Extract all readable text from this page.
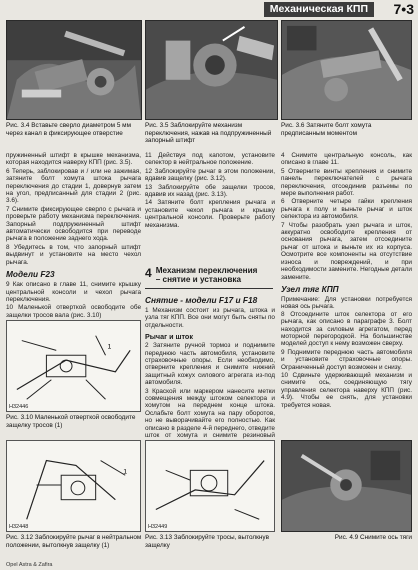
Механическая КПП	7•3
Рис. 3.4 Вставьте сверло диаметром 5 мм через канал в фиксирующее отверстие
Рис. 3.5 Заблокируйте механизм переключения, нажав на подпружиненный запорный штифт
Рис. 3.6 Затяните болт хомута предписанным моментом
пружиненный штифт в крышке механизма, которая находится наверху КПП (рис. 3.5).
6 Теперь, заблокировав и / или не зажимая, затяните болт хомута штока рычага переключения до стадии 1, довернув затем на угол, предписанный для стадии 2 (рис. 3.6).
7 Снимите фиксирующее сверло с рычага и проверьте работу механизма переключения. Запорный подпружиненный штифт автоматически освободится при переводе рычага в положение заднего хода.
8 Убедитесь в том, что запорный штифт выдвинут и установите на место чехол рычага.
Модели F23
9 Как описано в главе 11, снимите крышку центральной консоли и чехол рычага переключения.
10 Маленькой отверткой освободите обе защелки тросов вала (рис. 3.10)
1
H32446
Рис. 3.10 Маленькой отверткой освободите защелку тросов (1)
1
H32448
Рис. 3.12 Заблокируйте рычаг в нейтральном положении, вытолкнув защелку (1)
11 Действуя под капотом, установите селектор в нейтральное положение.
12 Заблокируйте рычаг в этом положении, вдавив защелку (рис. 3.12).
13 Заблокируйте обе защелки тросов, вдавив их назад (рис. 3.13).
14 Затяните болт крепления рычага и установите чехол рычага и крышку центральной консоли. Проверьте работу механизма.
4 Механизм переключения – снятие и установка
Снятие - модели F17 и F18
1 Механизм состоит из рычага, штока и узла тяг КПП. Все они могут быть сняты по отдельности.
Рычаг и шток
2 Затяните ручной тормоз и поднимите переднюю часть автомобиля, установите страховочные опоры. Если необходимо, отверните крепления и снимите нижний защитный кожух силового агрегата из-под автомобиля.
3 Краской или маркером нанесите метки совмещения между штоком селектора и хомутом на переднем конце штока. Ослабьте болт хомута на пару оборотов, но не выворачивайте его полностью. Как описано в разделе 4-й переднего, отведите шток от хомута и снимите резиновый
H32449
Рис. 3.13 Заблокируйте тросы, вытолкнув защелку
4 Снимите центральную консоль, как описано в главе 11.
5 Отверните винты крепления и снимите панель переключателей с рычага переключения, отсоединив разъемы по мере выполнения работ.
6 Отверните четыре гайки крепления рычага к полу и выньте рычаг и шток селектора из автомобиля.
7 Чтобы разобрать узел рычага и шток, аккуратно освободите крепления от основания рычага, затем отсоедините рычаг от штока и выньте их из корпуса. Осмотрите все компоненты на отсутствие износа и повреждений, и при необходимости замените. Негодные детали замените.
Узел тяг КПП
Примечание: Для установки потребуется новая ось рычага.
8 Отсоедините шток селектора от его рычага, как описано в параграфе 3. Болт находится за силовым агрегатом, перед моторной перегородкой. На большинстве моделей доступ к нему возможен сверху.
9 Поднимите переднюю часть автомобиля и установите страховочные опоры. Ограниченный доступ возможен и снизу.
10 Сдвиньте удерживающий механизм и снимите ось, соединяющую тягу управления селектора наверху КПП (рис. 4.9). Чтобы ее снять, для установки требуется новая.
Рис. 4.9 Снимите ось тяги
Opel Astra & Zafira
